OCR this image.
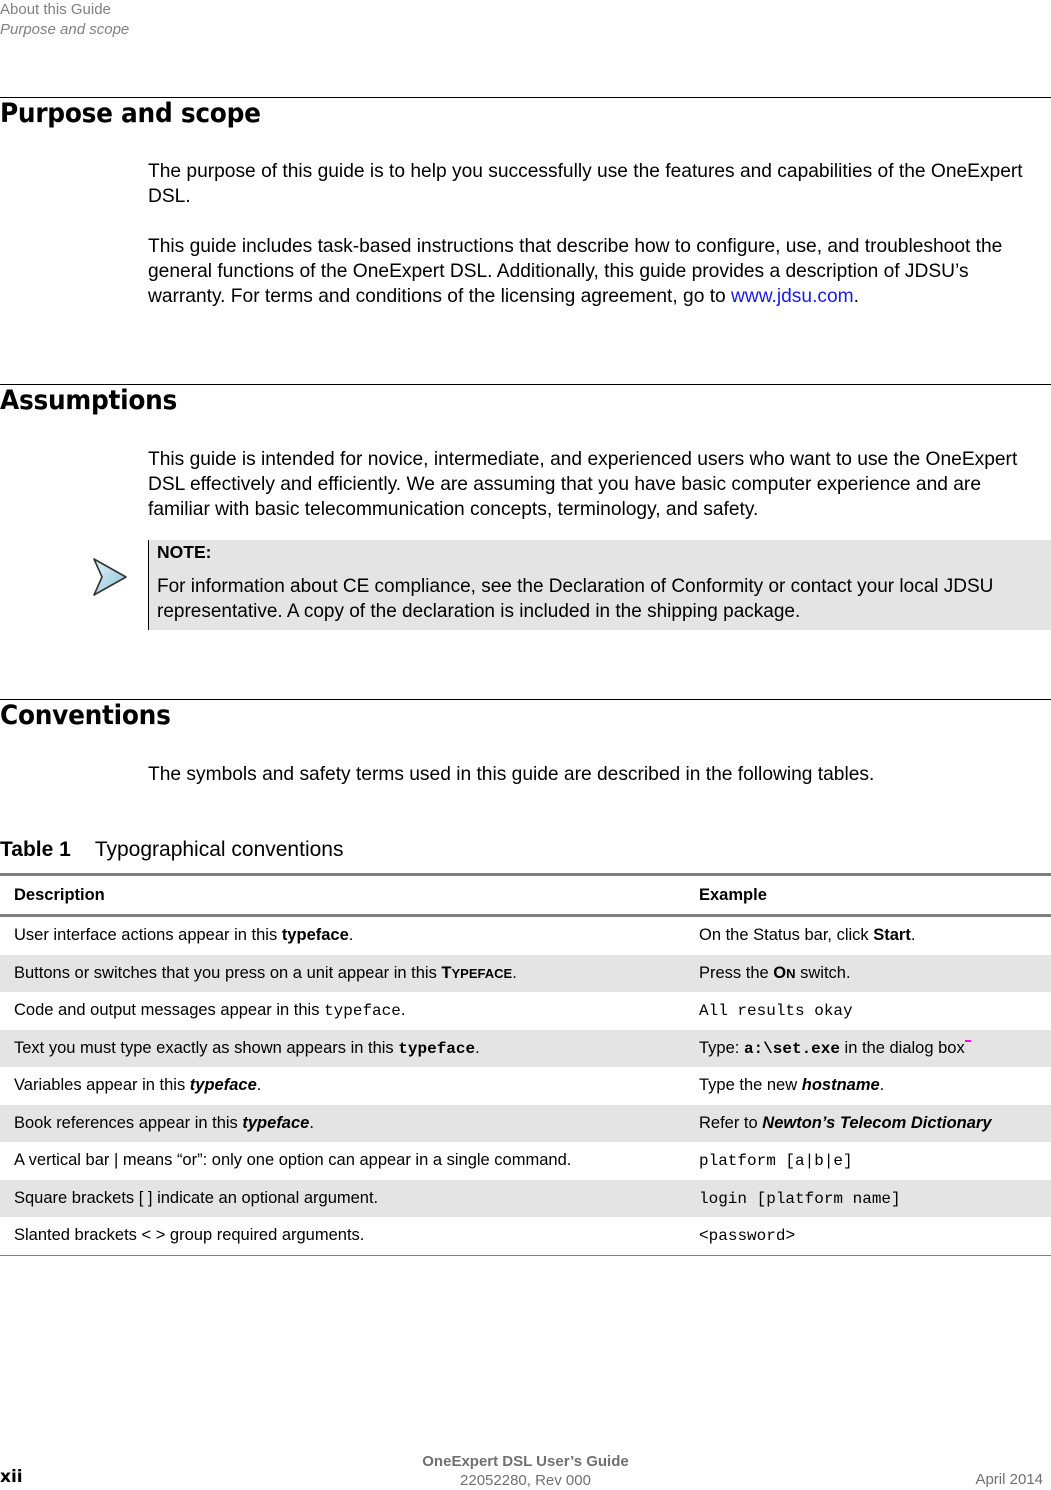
About this Guide
Purpose and scope
Purpose and scope

The purpose of this guide is to help you successfully use the features and capabilities of the OneExpert DSL.

This guide includes task-based instructions that describe how to configure, use, and troubleshoot the general functions of the OneExpert DSL. Additionally, this guide provides a description of JDSU’s warranty. For terms and conditions of the licensing agreement, go to www.jdsu.com.

Assumptions

This guide is intended for novice, intermediate, and experienced users who want to use the OneExpert DSL effectively and efficiently. We are assuming that you have basic computer experience and are familiar with basic telecommunication concepts, terminology, and safety.

NOTE:
For information about CE compliance, see the Declaration of Conformity or contact your local JDSU representative. A copy of the declaration is included in the shipping package.
Conventions

The symbols and safety terms used in this guide are described in the following tables.

Table 1 Typographical conventions
Description	Example
User interface actions appear in this typeface.	On the Status bar, click Start.
Buttons or switches that you press on a unit appear in this TYPEFACE.	Press the ON switch.
Code and output messages appear in this typeface.	All results okay
Text you must type exactly as shown appears in this typeface.	Type: a:\set.exe in the dialog box
Variables appear in this typeface.	Type the new hostname.
Book references appear in this typeface.	Refer to Newton’s Telecom Dictionary
A vertical bar | means “or”: only one option can appear in a single command.	platform [a|b|e]
Square brackets [ ] indicate an optional argument.	login [platform name]
Slanted brackets < > group required arguments.	<password>
xii
OneExpert DSL User’s Guide
22052280, Rev 000	April 2014
